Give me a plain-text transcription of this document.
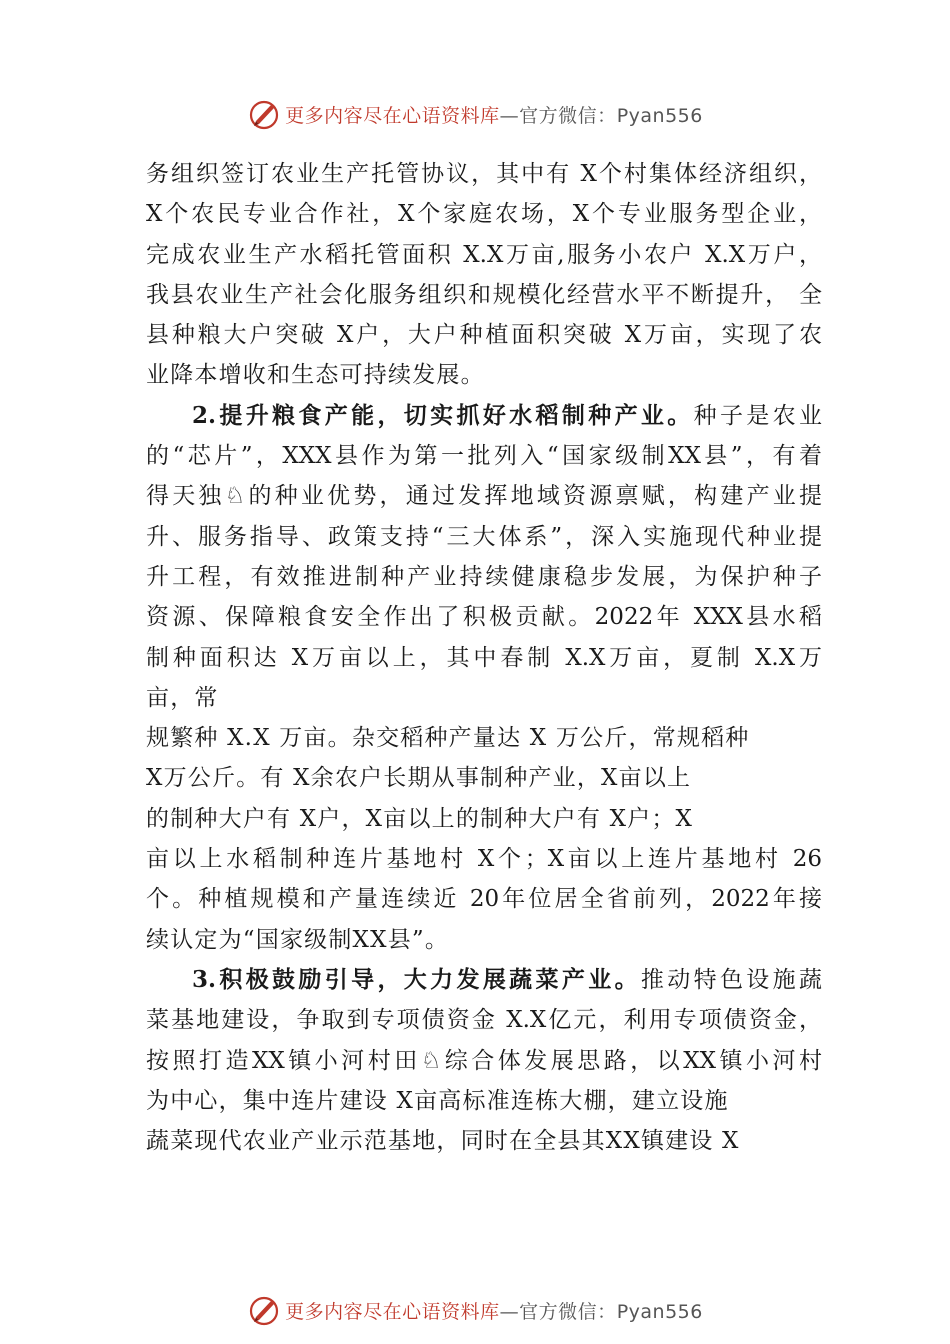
更多内容尽在心语资料库—官方微信：Pyan556
务组织签订农业生产托管协议，其中有 X个村集体经济组织，
X个农民专业合作社，X个家庭农场，X个专业服务型企业，
完成农业生产水稻托管面积 X.X万亩,服务小农户 X.X万户，
我县农业生产社会化服务组织和规模化经营水平不断提升， 全
县种粮大户突破 X户，大户种植面积突破 X万亩，实现了农
业降本增收和生态可持续发展。
2.提升粮食产能，切实抓好水稻制种产业。种子是农业
的“芯片”，XXX县作为第一批列入“国家级制XX县”，有着
得天独♘的种业优势，通过发挥地域资源禀赋，构建产业提
升、服务指导、政策支持“三大体系”，深入实施现代种业提
升工程，有效推进制种产业持续健康稳步发展，为保护种子
资源、保障粮食安全作出了积极贡献。2022年 XXX县水稻
制种面积达 X万亩以上，其中春制 X.X万亩，夏制 X.X万
亩，常
规繁种 X.X 万亩。杂交稻种产量达 X 万公斤，常规稻种
X万公斤。有 X余农户长期从事制种产业，X亩以上
的制种大户有 X户，X亩以上的制种大户有 X户；X
亩以上水稻制种连片基地村 X个；X亩以上连片基地村 26
个。种植规模和产量连续近 20年位居全省前列，2022年接
续认定为“国家级制XX县”。
3.积极鼓励引导，大力发展蔬菜产业。推动特色设施蔬
菜基地建设，争取到专项债资金 X.X亿元，利用专项债资金，
按照打造XX镇小河村田♘综合体发展思路，以XX镇小河村
为中心，集中连片建设 X亩高标准连栋大棚，建立设施
蔬菜现代农业产业示范基地，同时在全县其XX镇建设 X
更多内容尽在心语资料库—官方微信：Pyan556
